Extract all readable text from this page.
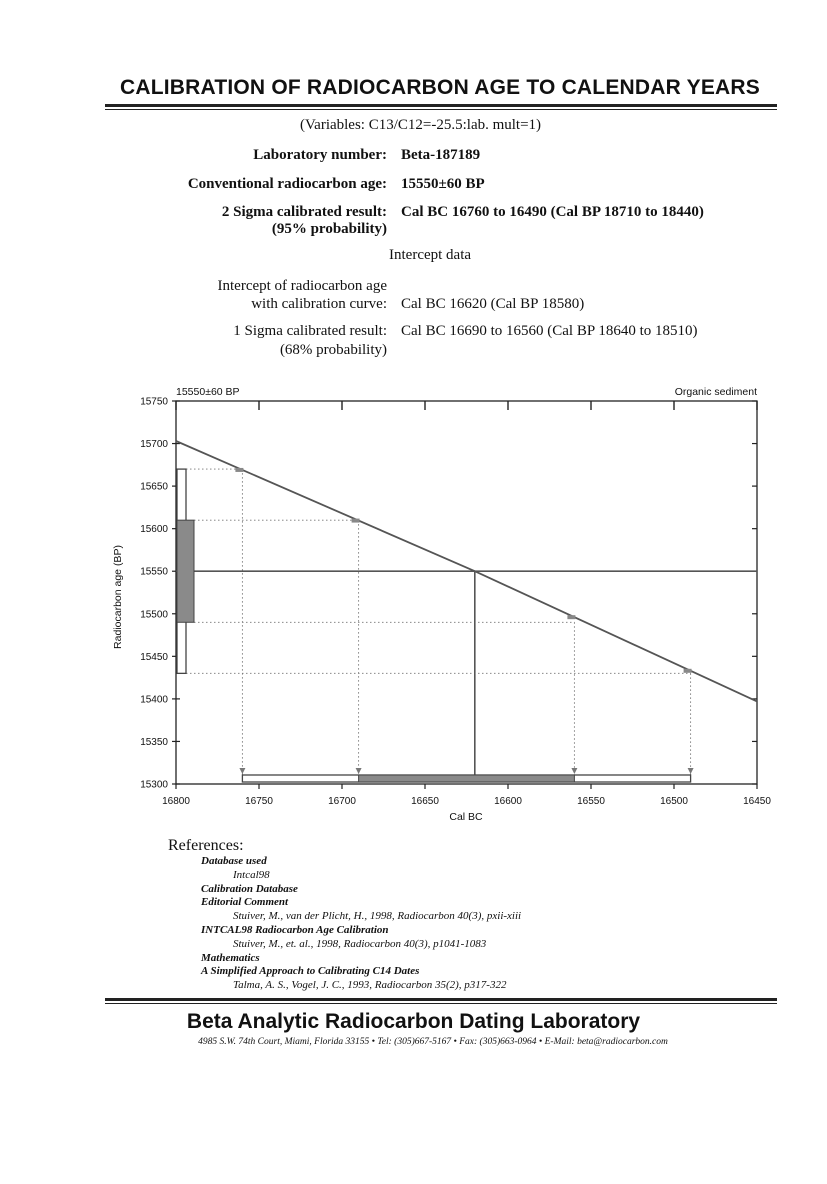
CALIBRATION OF RADIOCARBON AGE TO CALENDAR YEARS
(Variables: C13/C12=-25.5:lab. mult=1)
Laboratory number: Beta-187189
Conventional radiocarbon age: 15550±60 BP
2 Sigma calibrated result:
(95% probability)
Cal BC 16760 to 16490 (Cal BP 18710 to 18440)
Intercept data
Intercept of radiocarbon age
with calibration curve: Cal BC 16620 (Cal BP 18580)
1 Sigma calibrated result:
(68% probability)
Cal BC 16690 to 16560 (Cal BP 18640 to 18510)
15550±60 BP	Organic sediment
Cal BC
Radiocarbon age (BP)
15750
15700
15650
15600
15550
15500
15450
15400
15350
15300
16800	16750	16700	16650	16600	16550	16500	16450
References:
Database used
Intcal98
Calibration Database
Editorial Comment
Stuiver, M., van der Plicht, H., 1998, Radiocarbon 40(3), pxii-xiii
INTCAL98 Radiocarbon Age Calibration
Stuiver, M., et. al., 1998, Radiocarbon 40(3), p1041-1083
Mathematics
A Simplified Approach to Calibrating C14 Dates
Talma, A. S., Vogel, J. C., 1993, Radiocarbon 35(2), p317-322
Beta Analytic Radiocarbon Dating Laboratory
4985 S.W. 74th Court, Miami, Florida 33155 • Tel: (305)667-5167 • Fax: (305)663-0964 • E-Mail: beta@radiocarbon.com
